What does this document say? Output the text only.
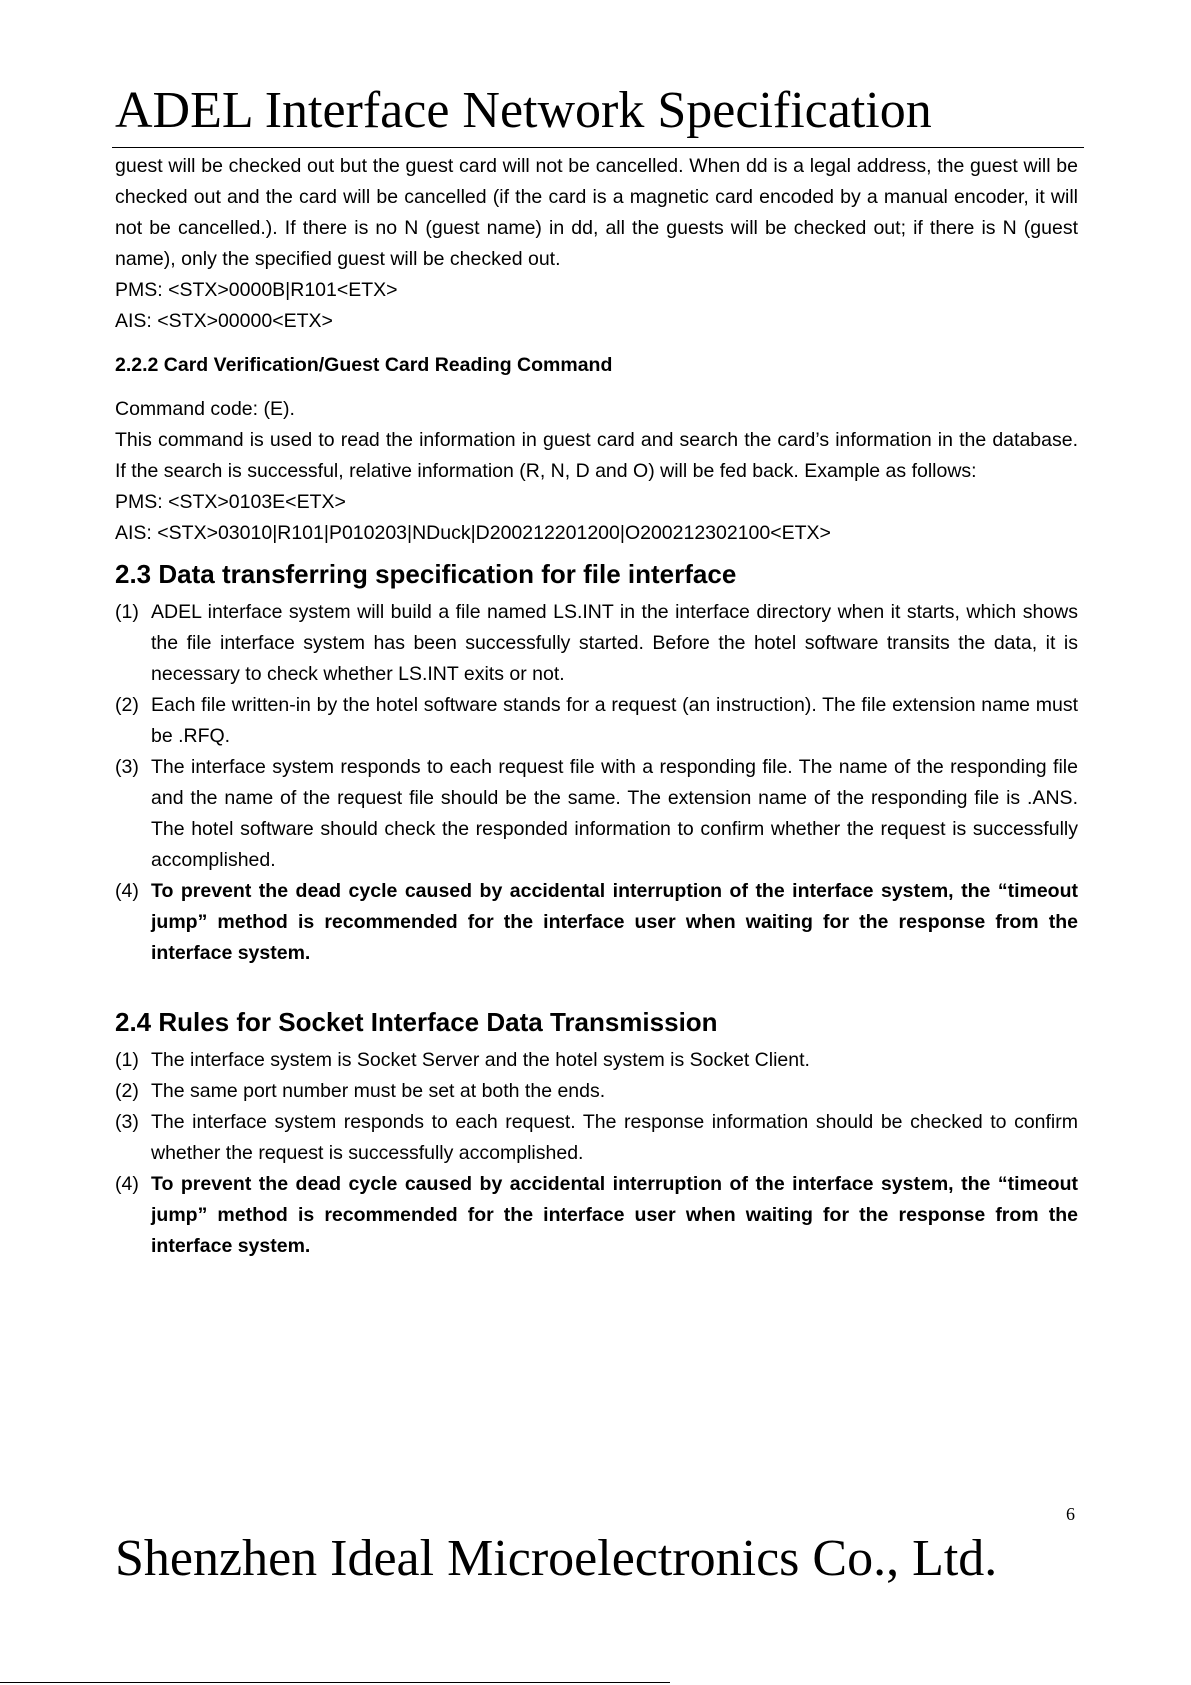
ADEL Interface Network Specification

guest will be checked out but the guest card will not be cancelled. When dd is a legal address, the guest will be checked out and the card will be cancelled (if the card is a magnetic card encoded by a manual encoder, it will not be cancelled.). If there is no N (guest name) in dd, all the guests will be checked out; if there is N (guest name), only the specified guest will be checked out.

PMS: <STX>0000B|R101<ETX>

AIS: <STX>00000<ETX>

2.2.2 Card Verification/Guest Card Reading Command

Command code: (E).

This command is used to read the information in guest card and search the card’s information in the database. If the search is successful, relative information (R, N, D and O) will be fed back. Example as follows:

PMS: <STX>0103E<ETX>

AIS: <STX>03010|R101|P010203|NDuck|D200212201200|O200212302100<ETX>

2.3 Data transferring specification for file interface
(1) ADEL interface system will build a file named LS.INT in the interface directory when it starts, which shows the file interface system has been successfully started. Before the hotel software transits the data, it is necessary to check whether LS.INT exits or not.
(2) Each file written-in by the hotel software stands for a request (an instruction). The file extension name must be .RFQ.
(3) The interface system responds to each request file with a responding file. The name of the responding file and the name of the request file should be the same. The extension name of the responding file is .ANS. The hotel software should check the responded information to confirm whether the request is successfully accomplished.
(4) To prevent the dead cycle caused by accidental interruption of the interface system, the “timeout jump” method is recommended for the interface user when waiting for the response from the interface system.
2.4 Rules for Socket Interface Data Transmission
(1) The interface system is Socket Server and the hotel system is Socket Client.
(2) The same port number must be set at both the ends.
(3) The interface system responds to each request. The response information should be checked to confirm whether the request is successfully accomplished.
(4) To prevent the dead cycle caused by accidental interruption of the interface system, the “timeout jump” method is recommended for the interface user when waiting for the response from the interface system.
6
Shenzhen Ideal Microelectronics Co., Ltd.
